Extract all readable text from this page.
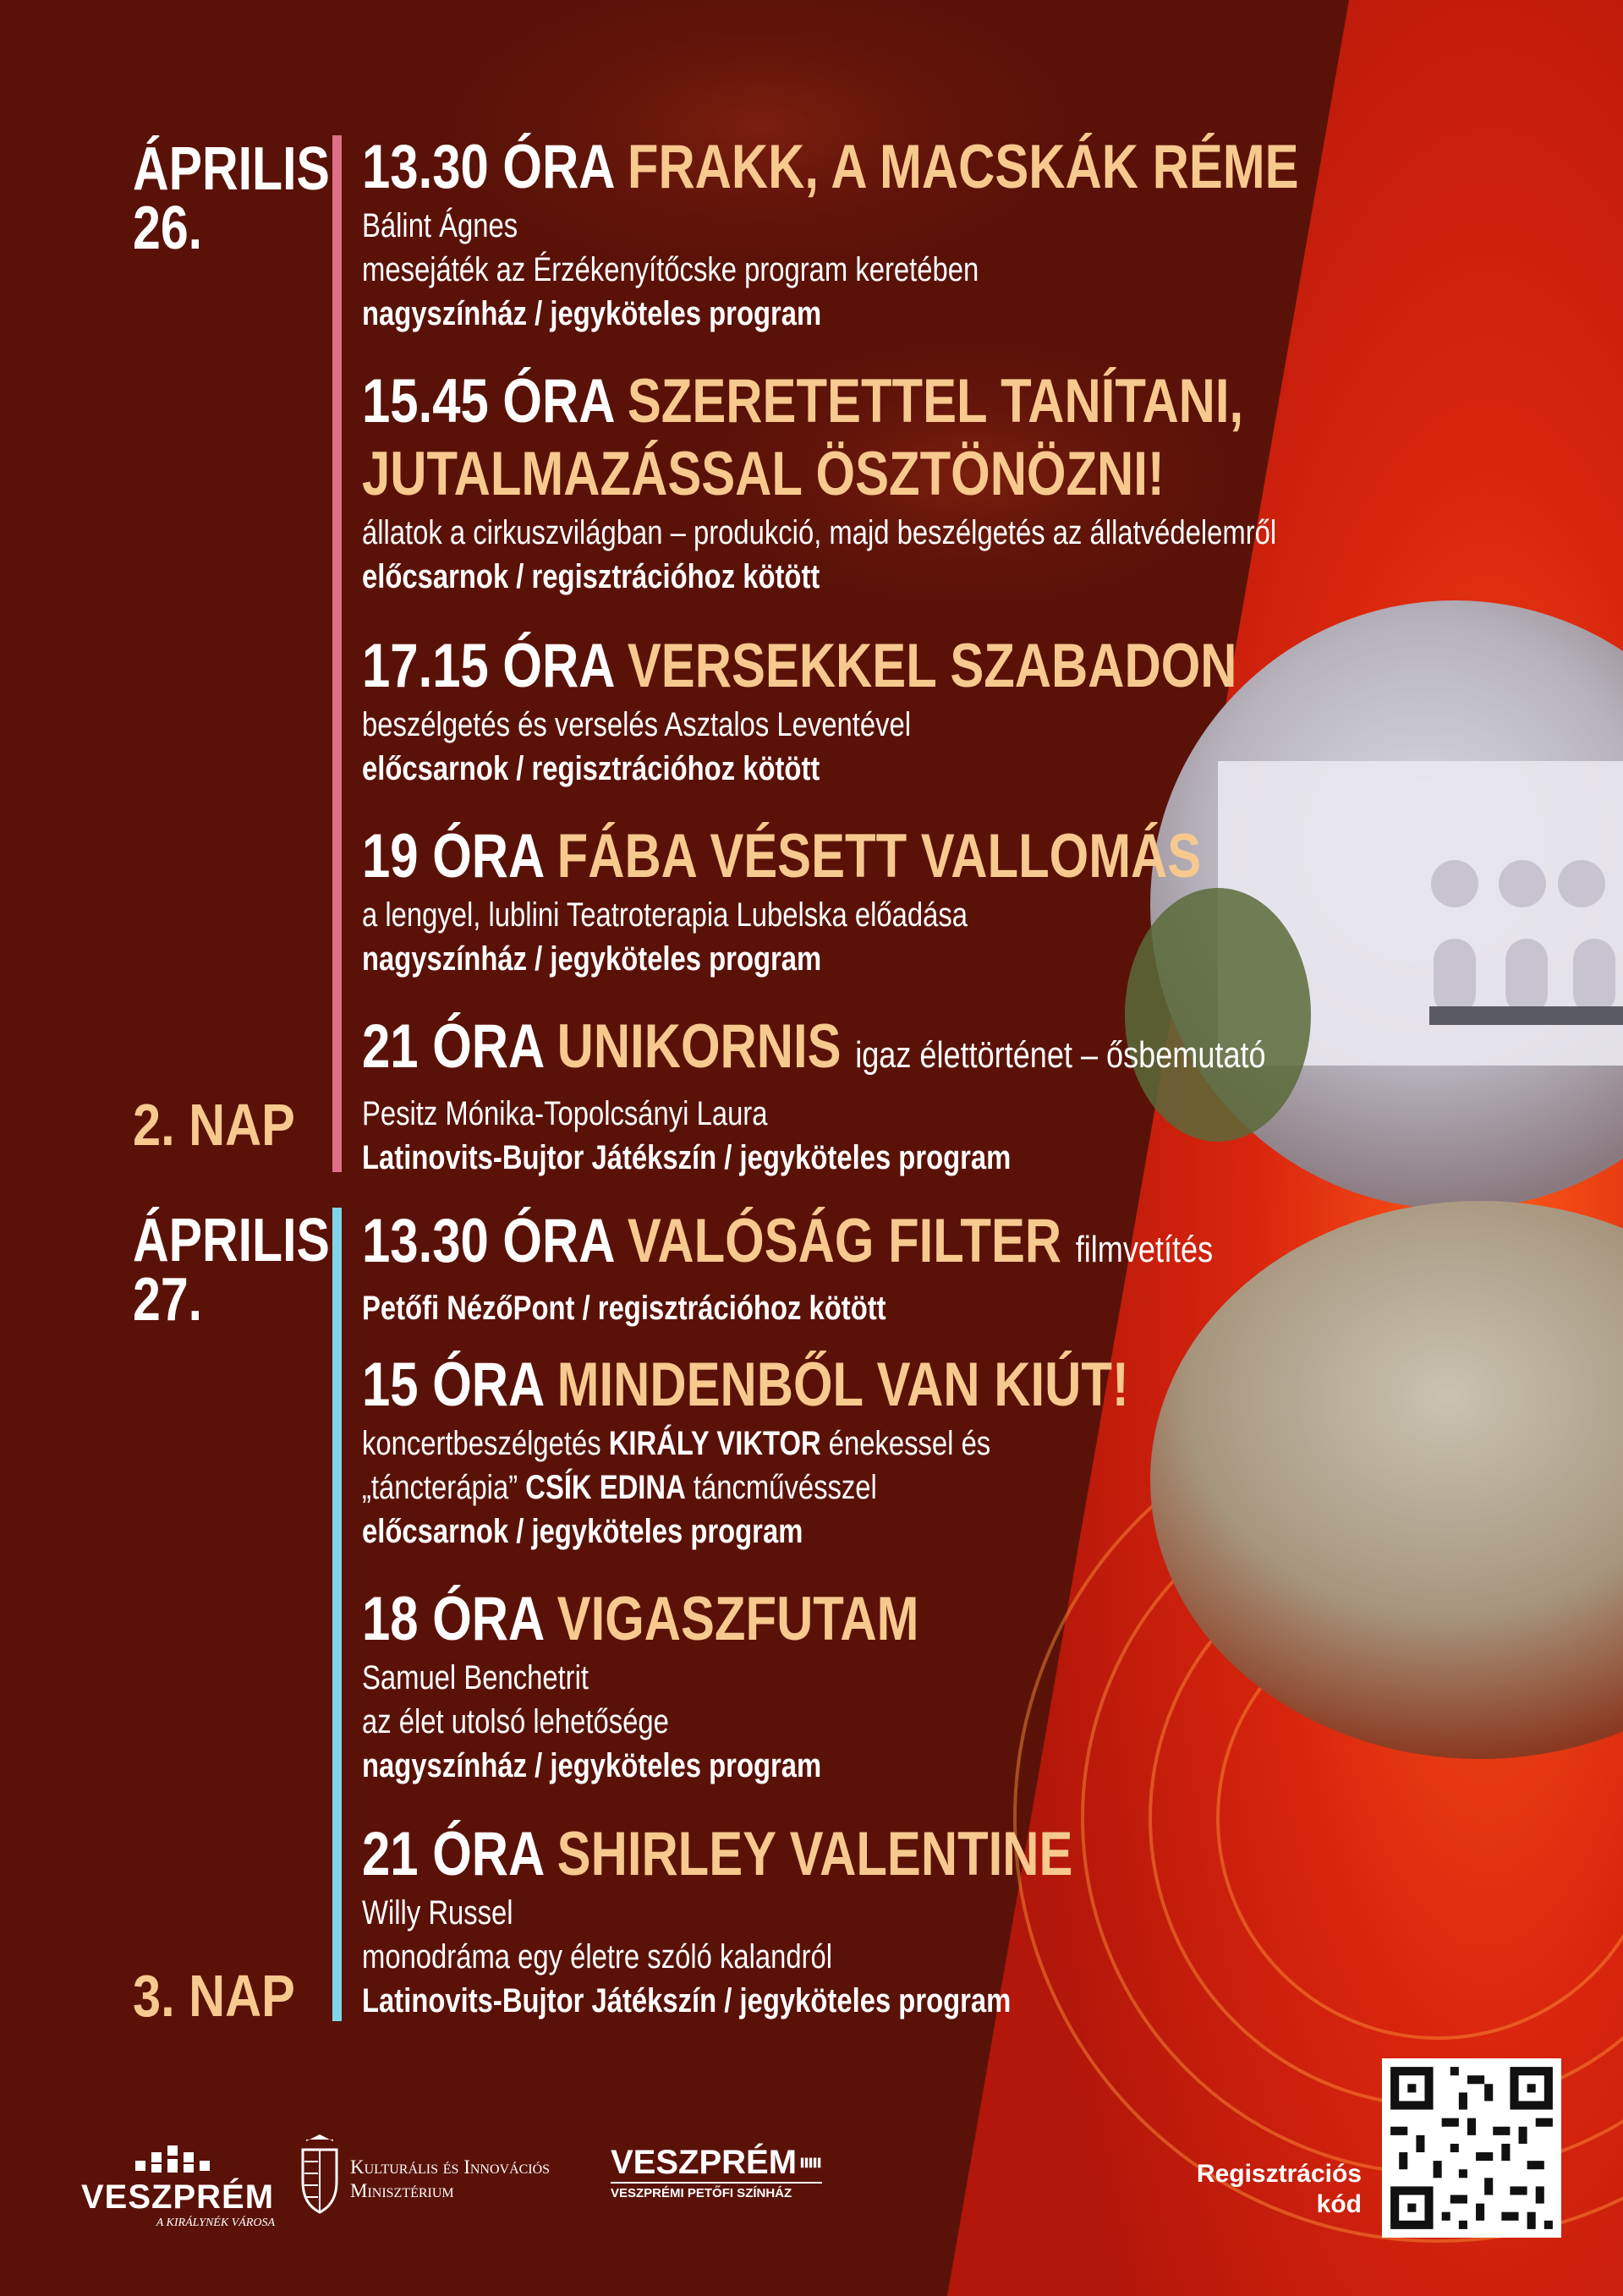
ÁPRILIS
26.
2. NAP
13.30 ÓRA FRAKK, A MACSKÁK RÉME
Bálint Ágnes
mesejáték az Érzékenyítőcske program keretében
nagyszínház / jegyköteles program
15.45 ÓRA SZERETETTEL TANÍTANI,
JUTALMAZÁSSAL ÖSZTÖNÖZNI!
állatok a cirkuszvilágban – produkció, majd beszélgetés az állatvédelemről
előcsarnok / regisztrációhoz kötött
17.15 ÓRA VERSEKKEL SZABADON
beszélgetés és verselés Asztalos Leventével
előcsarnok / regisztrációhoz kötött
19 ÓRA FÁBA VÉSETT VALLOMÁS
a lengyel, lublini Teatroterapia Lubelska előadása
nagyszínház / jegyköteles program
21 ÓRA UNIKORNIS igaz élettörténet – ősbemutató
Pesitz Mónika-Topolcsányi Laura
Latinovits-Bujtor Játékszín / jegyköteles program
ÁPRILIS
27.
3. NAP
13.30 ÓRA VALÓSÁG FILTER filmvetítés
Petőfi NézőPont / regisztrációhoz kötött
15 ÓRA MINDENBŐL VAN KIÚT!
koncertbeszélgetés KIRÁLY VIKTOR énekessel és
„táncterápia” CSÍK EDINA táncművésszel
előcsarnok / jegyköteles program
18 ÓRA VIGASZFUTAM
Samuel Benchetrit
az élet utolsó lehetősége
nagyszínház / jegyköteles program
21 ÓRA SHIRLEY VALENTINE
Willy Russel
monodráma egy életre szóló kalandról
Latinovits-Bujtor Játékszín / jegyköteles program
VESZPRÉM
A KIRÁLYNÉK VÁROSA
Kulturális és Innovációs
Minisztérium
VESZPRÉM
VESZPRÉMI PETŐFI SZÍNHÁZ
Regisztrációs
kód
